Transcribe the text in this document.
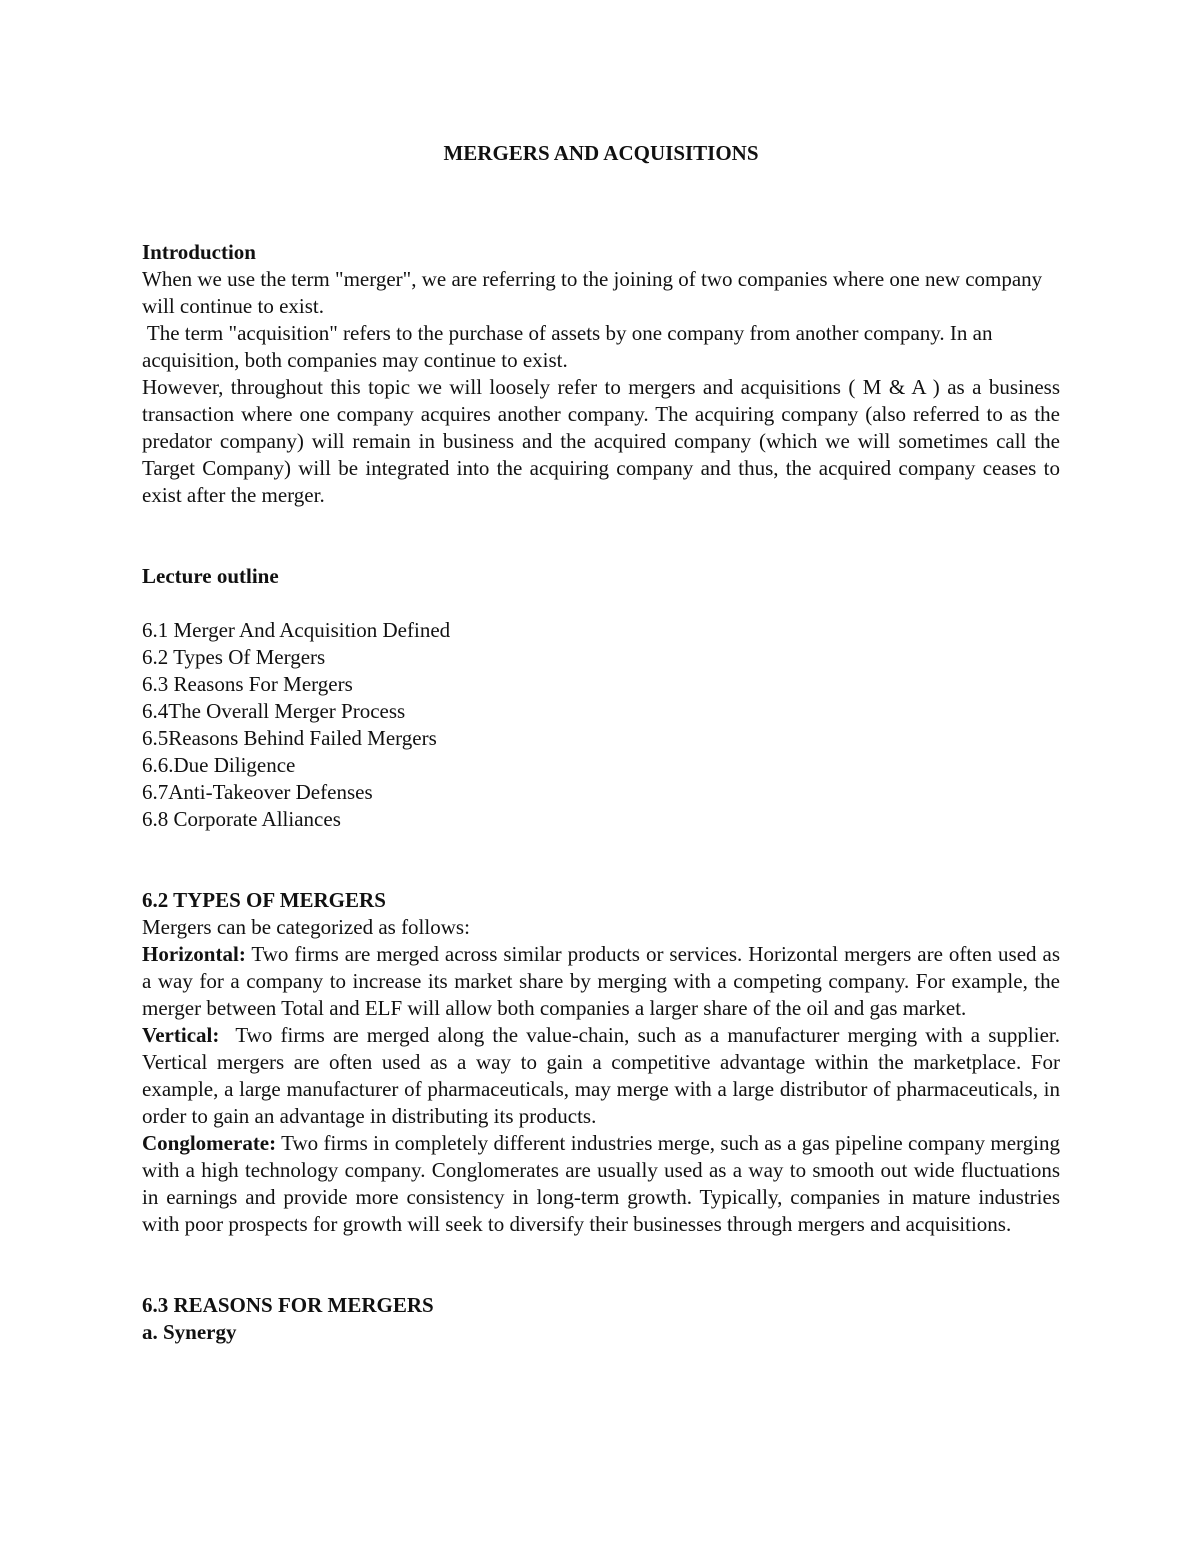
MERGERS AND ACQUISITIONS

Introduction

When we use the term "merger", we are referring to the joining of two companies where one new company will continue to exist.

The term "acquisition" refers to the purchase of assets by one company from another company. In an acquisition, both companies may continue to exist.

However, throughout this topic we will loosely refer to mergers and acquisitions ( M & A ) as a business transaction where one company acquires another company. The acquiring company (also referred to as the predator company) will remain in business and the acquired company (which we will sometimes call the Target Company) will be integrated into the acquiring company and thus, the acquired company ceases to exist after the merger.

Lecture outline

6.1 Merger And Acquisition Defined
6.2 Types Of Mergers
6.3 Reasons For Mergers
6.4The Overall Merger Process
6.5Reasons Behind Failed Mergers
6.6.Due Diligence
6.7Anti-Takeover Defenses
6.8 Corporate Alliances

6.2 TYPES OF MERGERS

Mergers can be categorized as follows:

Horizontal: Two firms are merged across similar products or services. Horizontal mergers are often used as a way for a company to increase its market share by merging with a competing company. For example, the merger between Total and ELF will allow both companies a larger share of the oil and gas market.

Vertical:  Two firms are merged along the value-chain, such as a manufacturer merging with a supplier. Vertical mergers are often used as a way to gain a competitive advantage within the marketplace. For example, a large manufacturer of pharmaceuticals, may merge with a large distributor of pharmaceuticals, in order to gain an advantage in distributing its products.

Conglomerate: Two firms in completely different industries merge, such as a gas pipeline company merging with a high technology company. Conglomerates are usually used as a way to smooth out wide fluctuations in earnings and provide more consistency in long-term growth. Typically, companies in mature industries with poor prospects for growth will seek to diversify their businesses through mergers and acquisitions.

6.3 REASONS FOR MERGERS

a. Synergy
